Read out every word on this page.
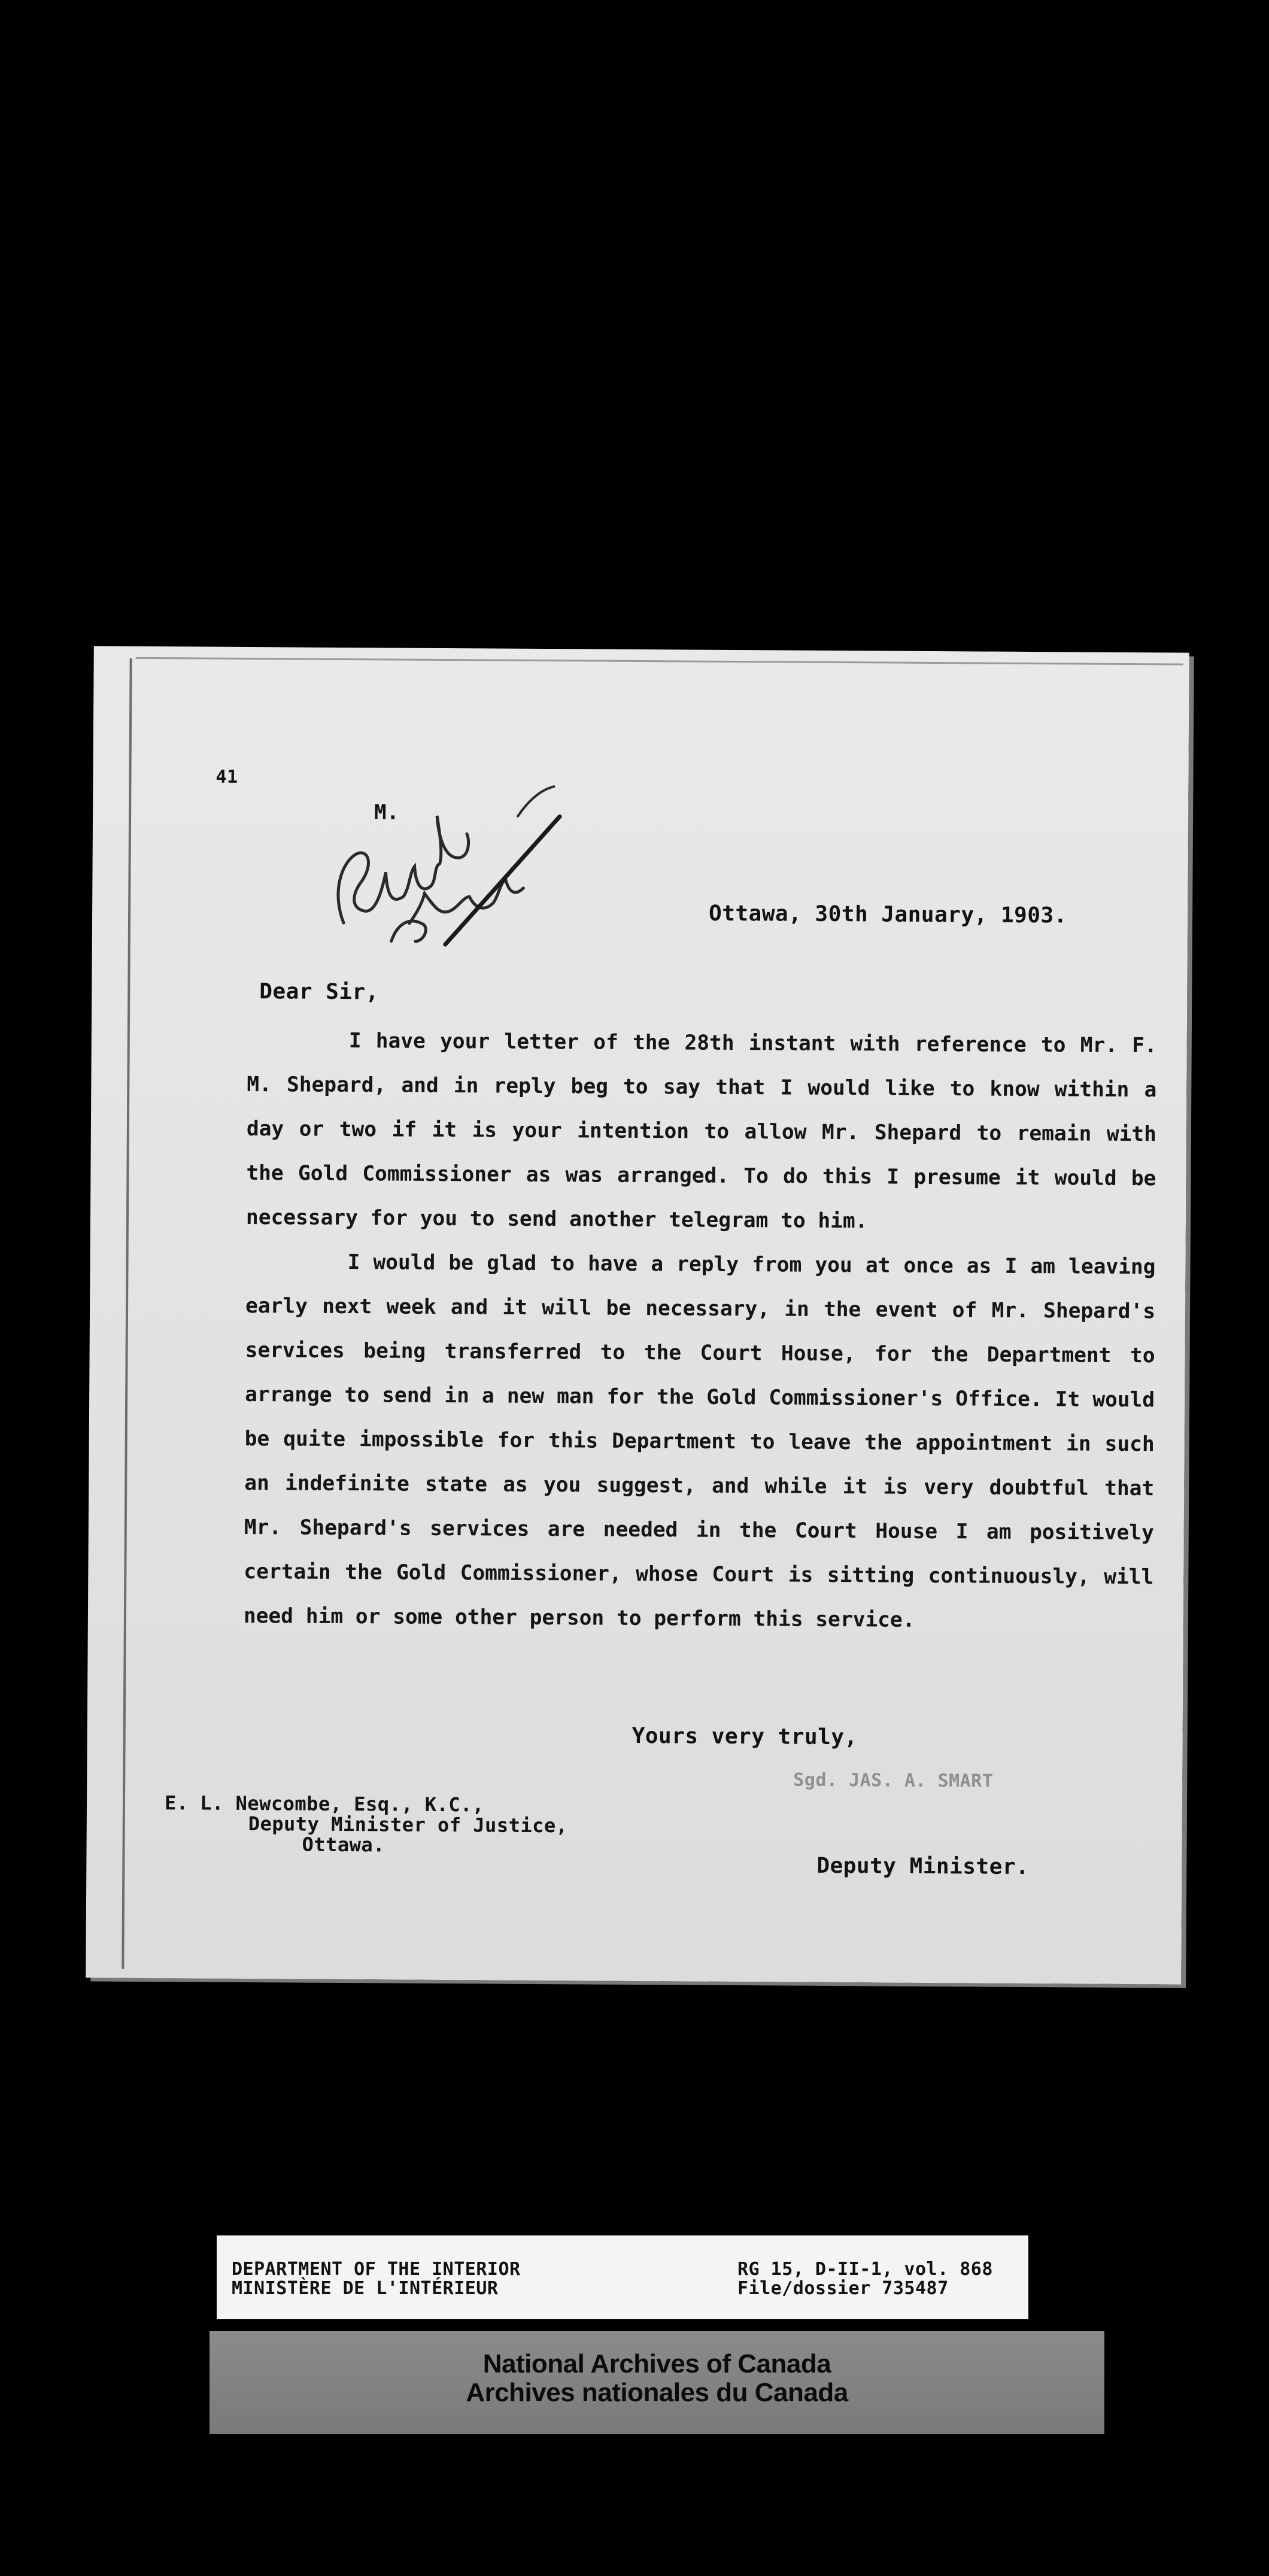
41
M.
Ottawa, 30th January, 1903.
Dear Sir,

I have your letter of the 28th instant with reference to Mr. F. M. Shepard, and in reply beg to say that I would like to know within a day or two if it is your intention to allow Mr. Shepard to remain with the Gold Commissioner as was arranged. To do this I presume it would be necessary for you to send another telegram to him.

I would be glad to have a reply from you at once as I am leaving early next week and it will be necessary, in the event of Mr. Shepard's services being transferred to the Court House, for the Department to arrange to send in a new man for the Gold Commissioner's Office. It would be quite impossible for this Department to leave the appointment in such an indefinite state as you suggest, and while it is very doubtful that Mr. Shepard's services are needed in the Court House I am positively certain the Gold Commissioner, whose Court is sitting continuously, will need him or some other person to perform this service.

Yours very truly,
Sgd. JAS. A. SMART
E. L. Newcombe, Esq., K.C.,
Deputy Minister of Justice,
Ottawa.
Deputy Minister.
DEPARTMENT OF THE INTERIOR
MINISTÈRE DE L'INTÉRIEUR
RG 15, D-II-1, vol. 868
File/dossier 735487
National Archives of Canada
Archives nationales du Canada
